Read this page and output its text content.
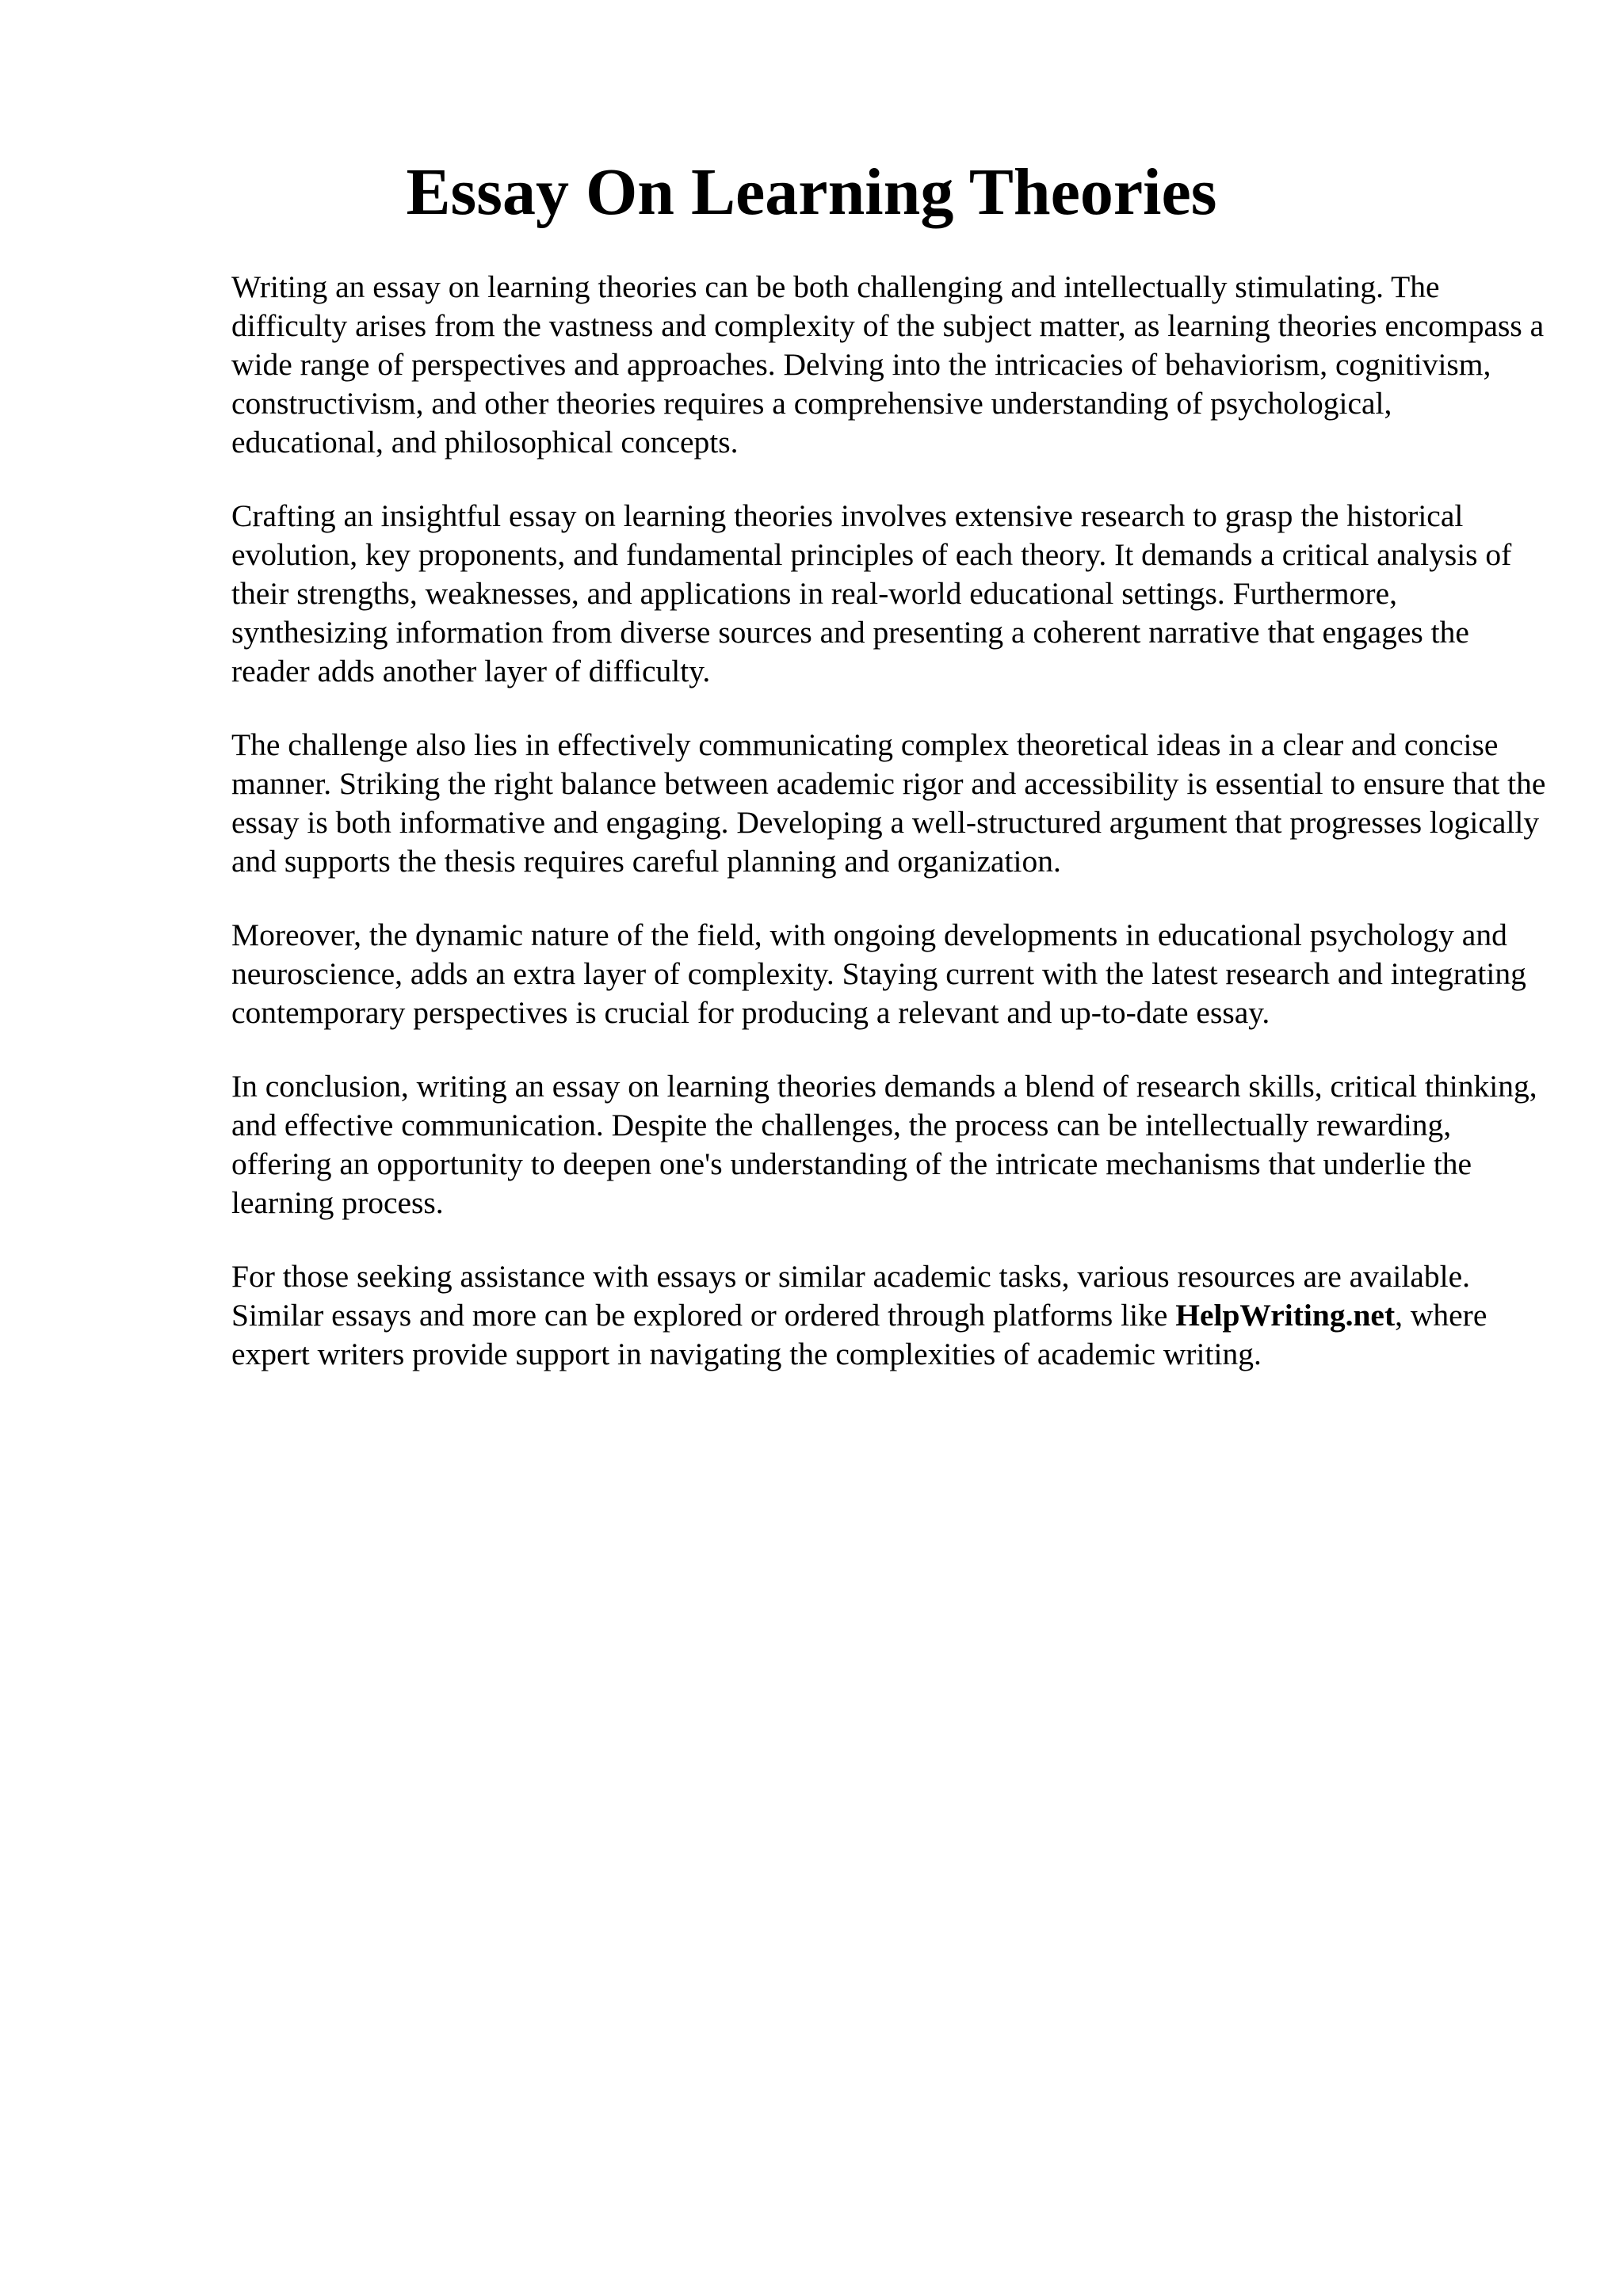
Essay On Learning Theories

Writing an essay on learning theories can be both challenging and intellectually stimulating. The difficulty arises from the vastness and complexity of the subject matter, as learning theories encompass a wide range of perspectives and approaches. Delving into the intricacies of behaviorism, cognitivism, constructivism, and other theories requires a comprehensive understanding of psychological, educational, and philosophical concepts.

Crafting an insightful essay on learning theories involves extensive research to grasp the historical evolution, key proponents, and fundamental principles of each theory. It demands a critical analysis of their strengths, weaknesses, and applications in real-world educational settings. Furthermore, synthesizing information from diverse sources and presenting a coherent narrative that engages the reader adds another layer of difficulty.

The challenge also lies in effectively communicating complex theoretical ideas in a clear and concise manner. Striking the right balance between academic rigor and accessibility is essential to ensure that the essay is both informative and engaging. Developing a well-structured argument that progresses logically and supports the thesis requires careful planning and organization.

Moreover, the dynamic nature of the field, with ongoing developments in educational psychology and neuroscience, adds an extra layer of complexity. Staying current with the latest research and integrating contemporary perspectives is crucial for producing a relevant and up-to-date essay.

In conclusion, writing an essay on learning theories demands a blend of research skills, critical thinking, and effective communication. Despite the challenges, the process can be intellectually rewarding, offering an opportunity to deepen one's understanding of the intricate mechanisms that underlie the learning process.

For those seeking assistance with essays or similar academic tasks, various resources are available. Similar essays and more can be explored or ordered through platforms like HelpWriting.net, where expert writers provide support in navigating the complexities of academic writing.
